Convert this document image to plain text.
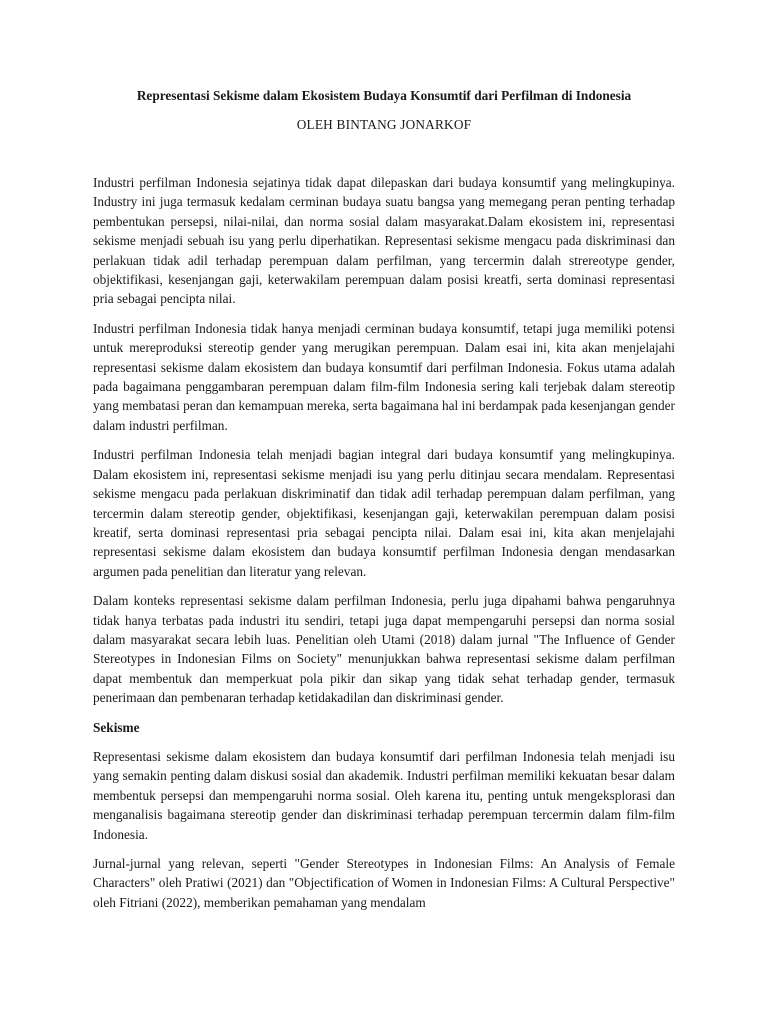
Representasi Sekisme dalam Ekosistem Budaya Konsumtif dari Perfilman di Indonesia
OLEH BINTANG JONARKOF

Industri perfilman Indonesia sejatinya tidak dapat dilepaskan dari budaya konsumtif yang melingkupinya. Industry ini juga termasuk kedalam cerminan budaya suatu bangsa yang memegang peran penting terhadap pembentukan persepsi, nilai-nilai, dan norma sosial dalam masyarakat.Dalam ekosistem ini, representasi sekisme menjadi sebuah isu yang perlu diperhatikan. Representasi sekisme mengacu pada diskriminasi dan perlakuan tidak adil terhadap perempuan dalam perfilman, yang tercermin dalah strereotype gender, objektifikasi, kesenjangan gaji, keterwakilam perempuan dalam posisi kreatfi, serta dominasi representasi pria sebagai pencipta nilai.

Industri perfilman Indonesia tidak hanya menjadi cerminan budaya konsumtif, tetapi juga memiliki potensi untuk mereproduksi stereotip gender yang merugikan perempuan. Dalam esai ini, kita akan menjelajahi representasi sekisme dalam ekosistem dan budaya konsumtif dari perfilman Indonesia. Fokus utama adalah pada bagaimana penggambaran perempuan dalam film-film Indonesia sering kali terjebak dalam stereotip yang membatasi peran dan kemampuan mereka, serta bagaimana hal ini berdampak pada kesenjangan gender dalam industri perfilman.

Industri perfilman Indonesia telah menjadi bagian integral dari budaya konsumtif yang melingkupinya. Dalam ekosistem ini, representasi sekisme menjadi isu yang perlu ditinjau secara mendalam. Representasi sekisme mengacu pada perlakuan diskriminatif dan tidak adil terhadap perempuan dalam perfilman, yang tercermin dalam stereotip gender, objektifikasi, kesenjangan gaji, keterwakilan perempuan dalam posisi kreatif, serta dominasi representasi pria sebagai pencipta nilai. Dalam esai ini, kita akan menjelajahi representasi sekisme dalam ekosistem dan budaya konsumtif perfilman Indonesia dengan mendasarkan argumen pada penelitian dan literatur yang relevan.

Dalam konteks representasi sekisme dalam perfilman Indonesia, perlu juga dipahami bahwa pengaruhnya tidak hanya terbatas pada industri itu sendiri, tetapi juga dapat mempengaruhi persepsi dan norma sosial dalam masyarakat secara lebih luas. Penelitian oleh Utami (2018) dalam jurnal "The Influence of Gender Stereotypes in Indonesian Films on Society" menunjukkan bahwa representasi sekisme dalam perfilman dapat membentuk dan memperkuat pola pikir dan sikap yang tidak sehat terhadap gender, termasuk penerimaan dan pembenaran terhadap ketidakadilan dan diskriminasi gender.

Sekisme

Representasi sekisme dalam ekosistem dan budaya konsumtif dari perfilman Indonesia telah menjadi isu yang semakin penting dalam diskusi sosial dan akademik. Industri perfilman memiliki kekuatan besar dalam membentuk persepsi dan mempengaruhi norma sosial. Oleh karena itu, penting untuk mengeksplorasi dan menganalisis bagaimana stereotip gender dan diskriminasi terhadap perempuan tercermin dalam film-film Indonesia.

Jurnal-jurnal yang relevan, seperti "Gender Stereotypes in Indonesian Films: An Analysis of Female Characters" oleh Pratiwi (2021) dan "Objectification of Women in Indonesian Films: A Cultural Perspective" oleh Fitriani (2022), memberikan pemahaman yang mendalam
